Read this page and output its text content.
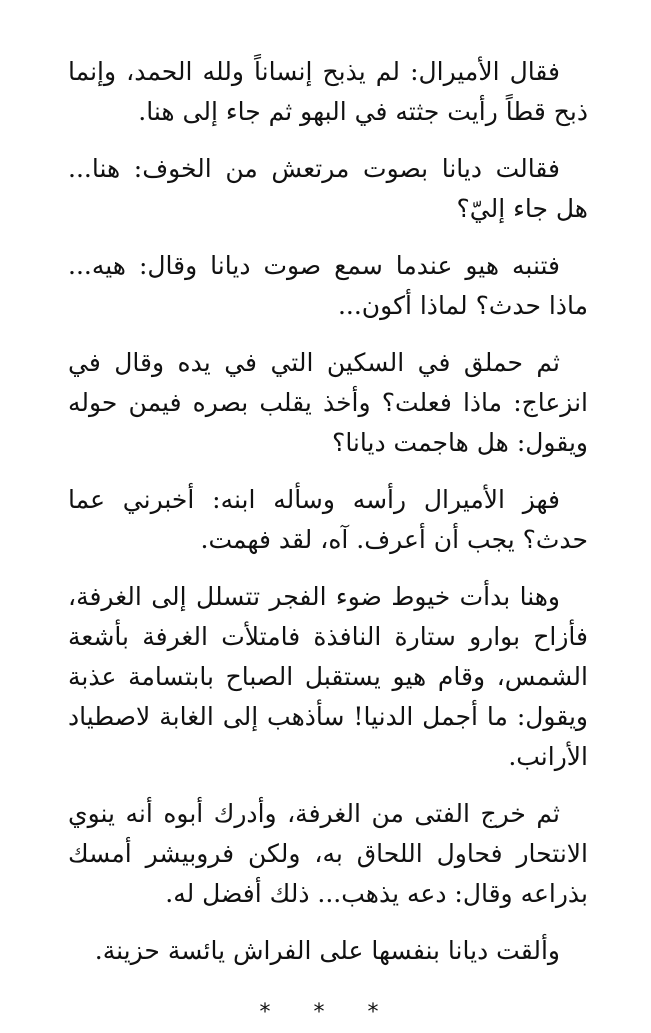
فقال الأميرال: لم يذبح إنساناً ولله الحمد، وإنما ذبح قطاً رأيت جثته في البهو ثم جاء إلى هنا.

فقالت ديانا بصوت مرتعش من الخوف: هنا... هل جاء إليّ؟

فتنبه هيو عندما سمع صوت ديانا وقال: هيه... ماذا حدث؟ لماذا أكون...

ثم حملق في السكين التي في يده وقال في انزعاج: ماذا فعلت؟ وأخذ يقلب بصره فيمن حوله ويقول: هل هاجمت ديانا؟

فهز الأميرال رأسه وسأله ابنه: أخبرني عما حدث؟ يجب أن أعرف. آه، لقد فهمت.

وهنا بدأت خيوط ضوء الفجر تتسلل إلى الغرفة، فأزاح بوارو ستارة النافذة فامتلأت الغرفة بأشعة الشمس، وقام هيو يستقبل الصباح بابتسامة عذبة ويقول: ما أجمل الدنيا! سأذهب إلى الغابة لاصطياد الأرانب.

ثم خرج الفتى من الغرفة، وأدرك أبوه أنه ينوي الانتحار فحاول اللحاق به، ولكن فروبيشر أمسك بذراعه وقال: دعه يذهب... ذلك أفضل له.

وألقت ديانا بنفسها على الفراش يائسة حزينة.

* * *
